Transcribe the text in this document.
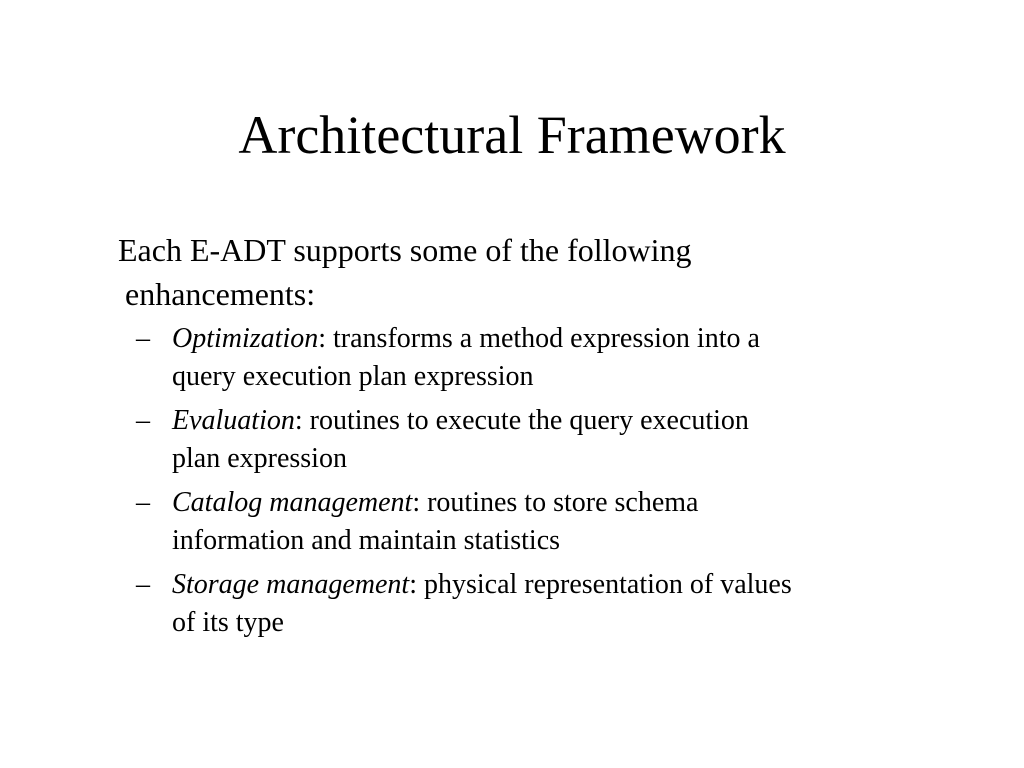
Architectural Framework

Each E-ADT supports some of the following
enhancements:

– Optimization: transforms a method expression into a
query execution plan expression
– Evaluation: routines to execute the query execution
plan expression
– Catalog management: routines to store schema
information and maintain statistics
– Storage management: physical representation of values
of its type
